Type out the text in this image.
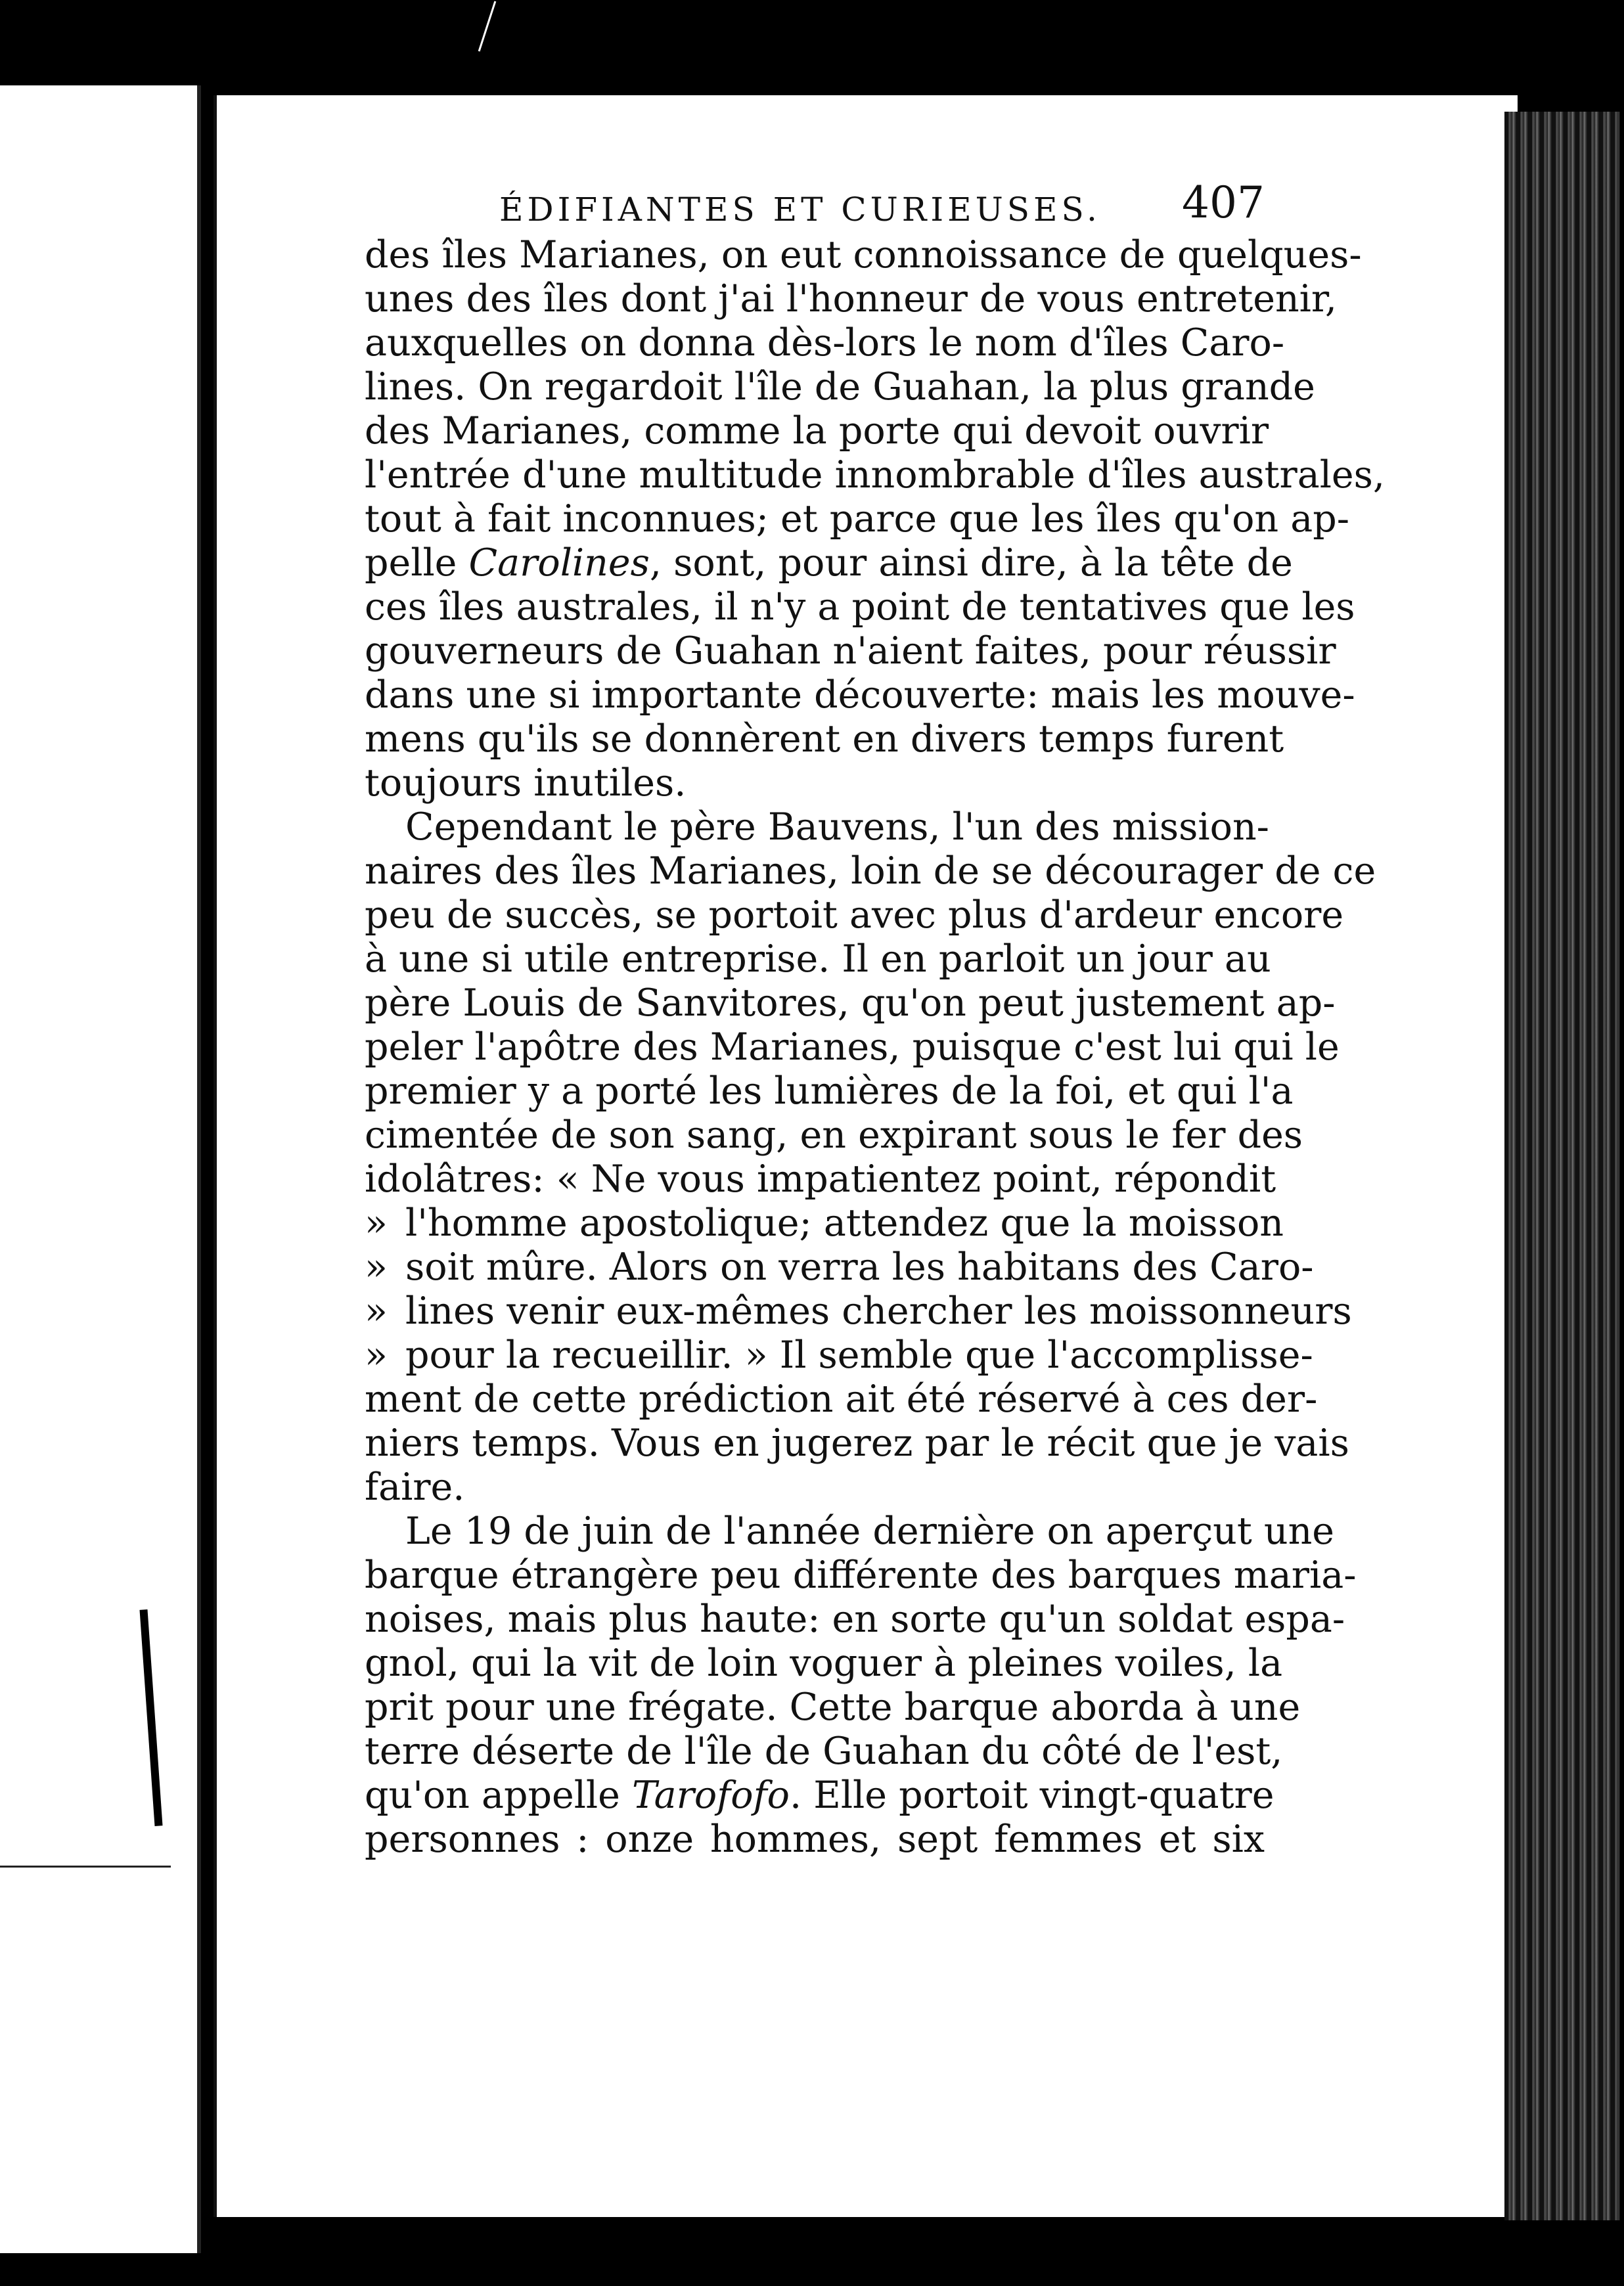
ÉDIFIANTES ET CURIEUSES. 407
des îles Marianes, on eut connoissance de quelques-
unes des îles dont j'ai l'honneur de vous entretenir,
auxquelles on donna dès-lors le nom d'îles Caro-
lines. On regardoit l'île de Guahan, la plus grande
des Marianes, comme la porte qui devoit ouvrir
l'entrée d'une multitude innombrable d'îles australes,
tout à fait inconnues; et parce que les îles qu'on ap-
pelle Carolines, sont, pour ainsi dire, à la tête de
ces îles australes, il n'y a point de tentatives que les
gouverneurs de Guahan n'aient faites, pour réussir
dans une si importante découverte: mais les mouve-
mens qu'ils se donnèrent en divers temps furent
toujours inutiles.
Cependant le père Bauvens, l'un des mission-
naires des îles Marianes, loin de se décourager de ce
peu de succès, se portoit avec plus d'ardeur encore
à une si utile entreprise. Il en parloit un jour au
père Louis de Sanvitores, qu'on peut justement ap-
peler l'apôtre des Marianes, puisque c'est lui qui le
premier y a porté les lumières de la foi, et qui l'a
cimentée de son sang, en expirant sous le fer des
idolâtres: « Ne vous impatientez point, répondit
» l'homme apostolique; attendez que la moisson
» soit mûre. Alors on verra les habitans des Caro-
» lines venir eux-mêmes chercher les moissonneurs
» pour la recueillir. » Il semble que l'accomplisse-
ment de cette prédiction ait été réservé à ces der-
niers temps. Vous en jugerez par le récit que je vais
faire.
Le 19 de juin de l'année dernière on aperçut une
barque étrangère peu différente des barques maria-
noises, mais plus haute: en sorte qu'un soldat espa-
gnol, qui la vit de loin voguer à pleines voiles, la
prit pour une frégate. Cette barque aborda à une
terre déserte de l'île de Guahan du côté de l'est,
qu'on appelle Tarofofo. Elle portoit vingt-quatre
personnes : onze hommes, sept femmes et six
